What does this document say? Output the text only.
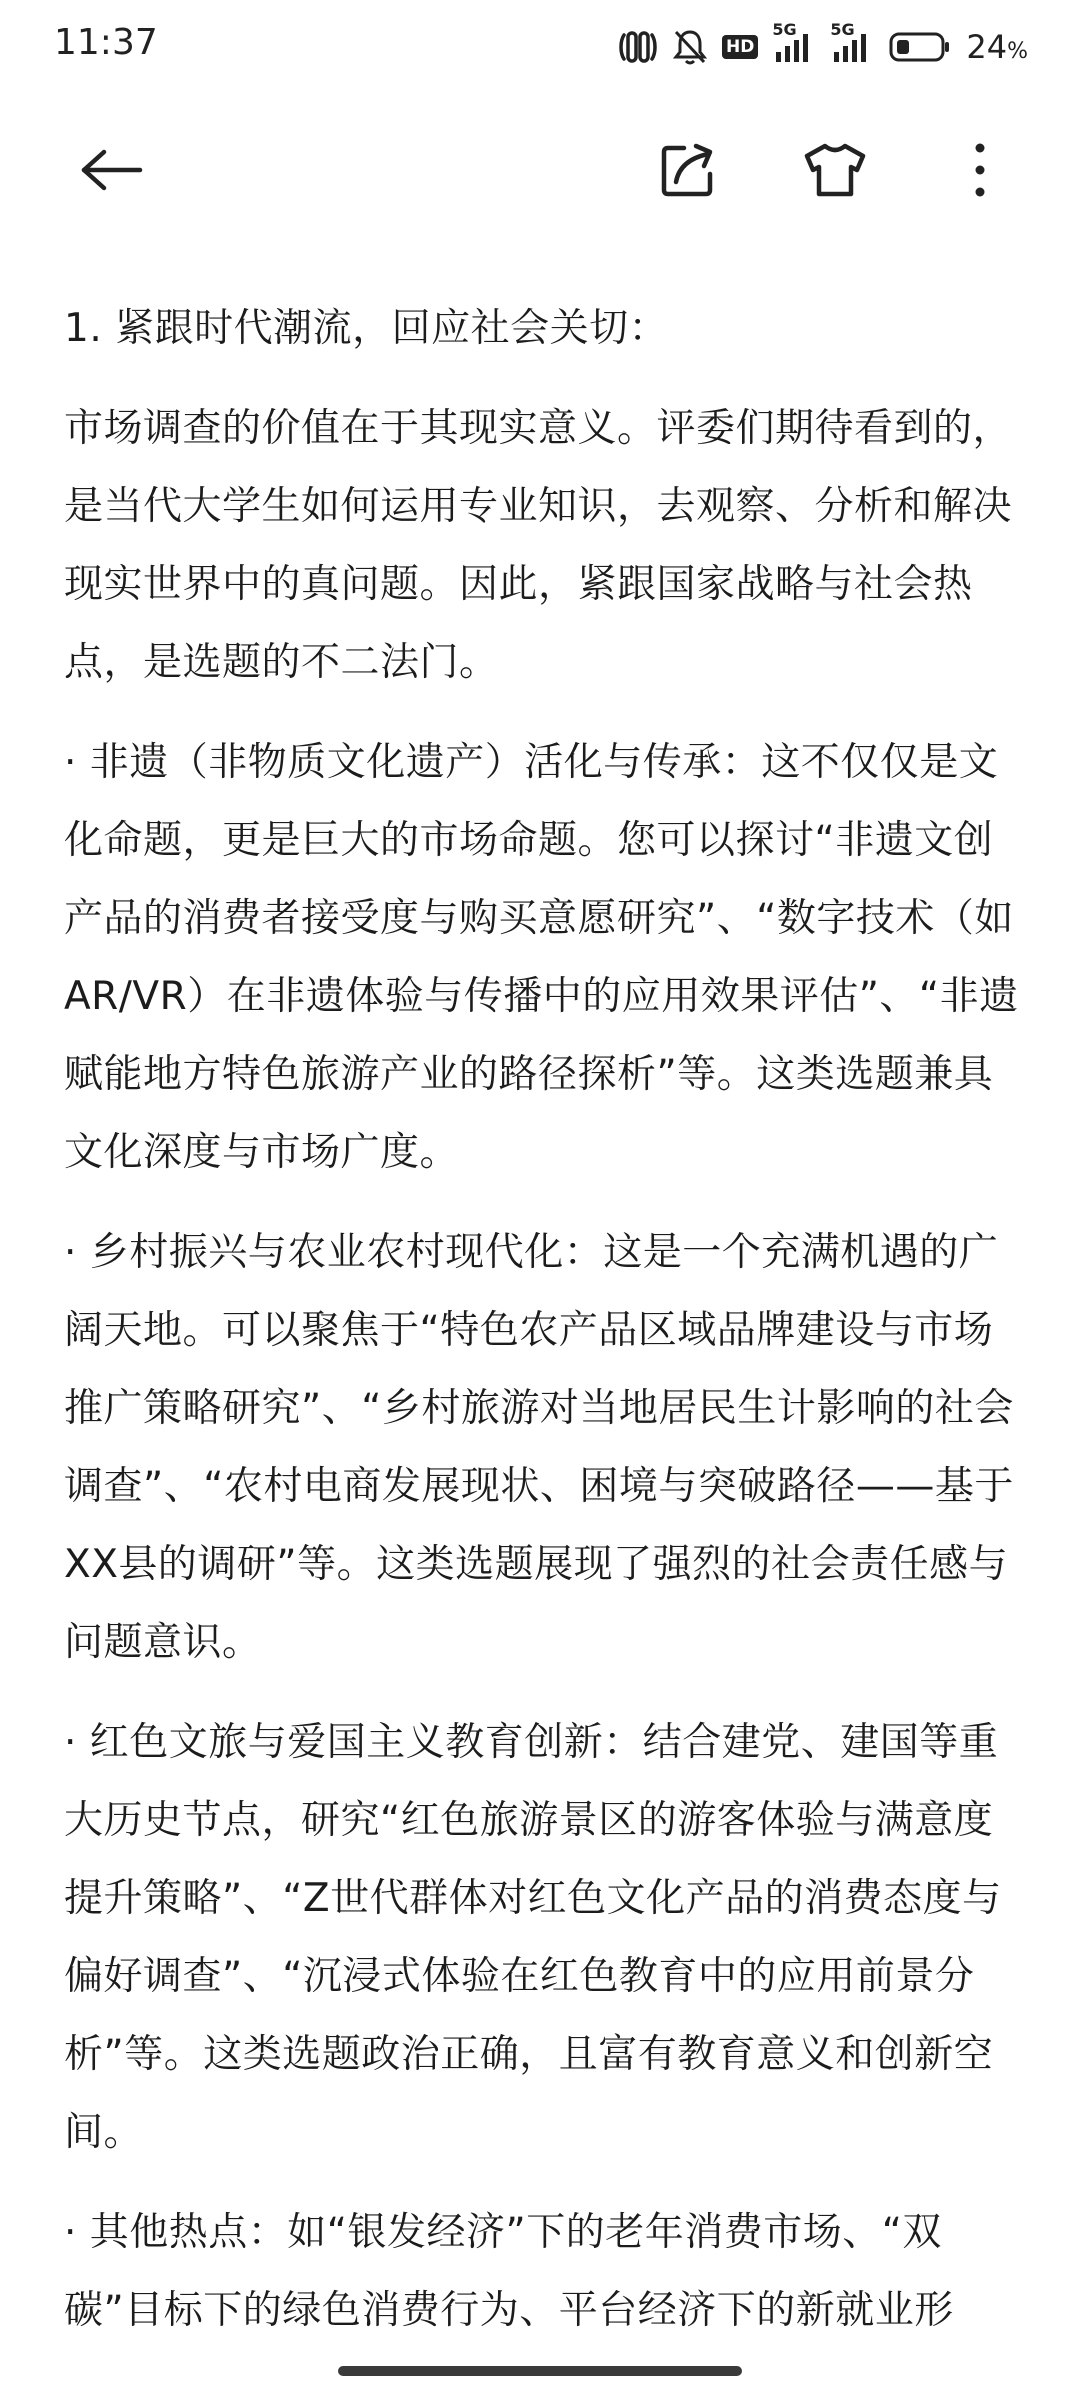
11:37	HD
5G 5G	24%

1. 紧跟时代潮流，回应社会关切：

市场调查的价值在于其现实意义。评委们期待看到的，是当代大学生如何运用专业知识，去观察、分析和解决现实世界中的真问题。因此，紧跟国家战略与社会热点，是选题的不二法门。

· 非遗（非物质文化遗产）活化与传承：这不仅仅是文化命题，更是巨大的市场命题。您可以探讨“非遗文创产品的消费者接受度与购买意愿研究”、“数字技术（如AR/VR）在非遗体验与传播中的应用效果评估”、“非遗赋能地方特色旅游产业的路径探析”等。这类选题兼具文化深度与市场广度。

· 乡村振兴与农业农村现代化：这是一个充满机遇的广阔天地。可以聚焦于“特色农产品区域品牌建设与市场推广策略研究”、“乡村旅游对当地居民生计影响的社会调查”、“农村电商发展现状、困境与突破路径——基于XX县的调研”等。这类选题展现了强烈的社会责任感与问题意识。

· 红色文旅与爱国主义教育创新：结合建党、建国等重大历史节点，研究“红色旅游景区的游客体验与满意度提升策略”、“Z世代群体对红色文化产品的消费态度与偏好调查”、“沉浸式体验在红色教育中的应用前景分析”等。这类选题政治正确，且富有教育意义和创新空间。

· 其他热点：如“银发经济”下的老年消费市场、“双碳”目标下的绿色消费行为、平台经济下的新就业形
